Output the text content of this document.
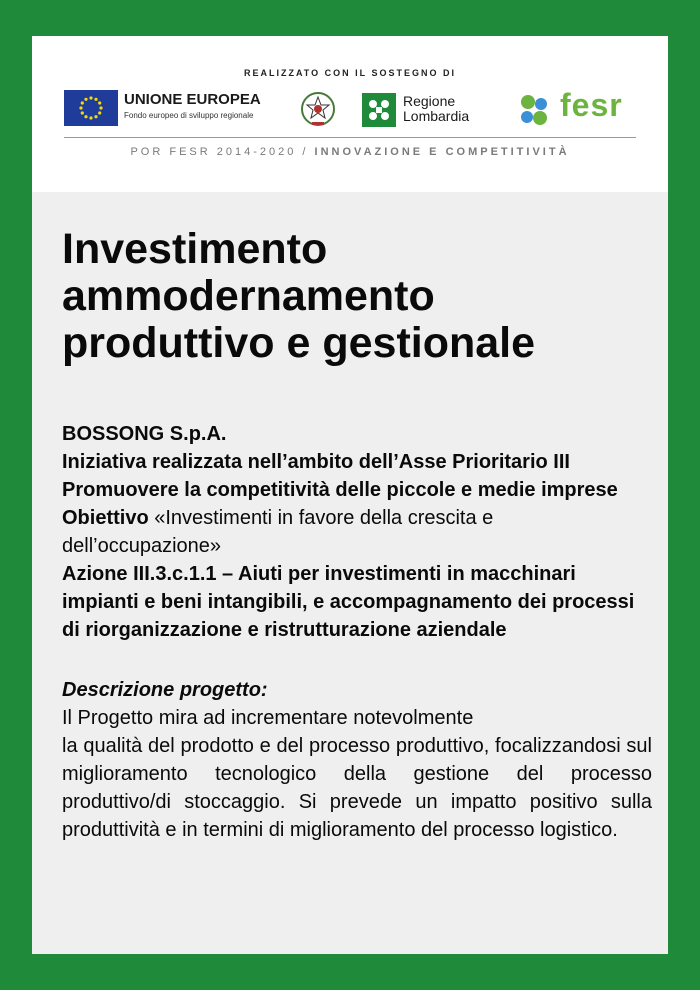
REALIZZATO CON IL SOSTEGNO DI
UNIONE EUROPEA
Fondo europeo di sviluppo regionale
Regione
Lombardia	fesr
POR FESR 2014-2020 / INNOVAZIONE E COMPETITIVITÀ
Investimento
ammodernamento
produttivo e gestionale

BOSSONG S.p.A.

Iniziativa realizzata nell’ambito dell’Asse Prioritario III Promuovere la competitività delle piccole e medie imprese

Obiettivo «Investimenti in favore della crescita e dell’occupazione»

Azione III.3.c.1.1 – Aiuti per investimenti in macchinari impianti e beni intangibili, e accompagnamento dei processi di riorganizzazione e ristrutturazione aziendale

Descrizione progetto:

Il Progetto mira ad incrementare notevolmente

la qualità del prodotto e del processo produttivo, focalizzandosi sul miglioramento tecnologico della gestione del processo produttivo/di stoccaggio. Si prevede un impatto positivo sulla produttività e in termini di miglioramento del processo logistico.
